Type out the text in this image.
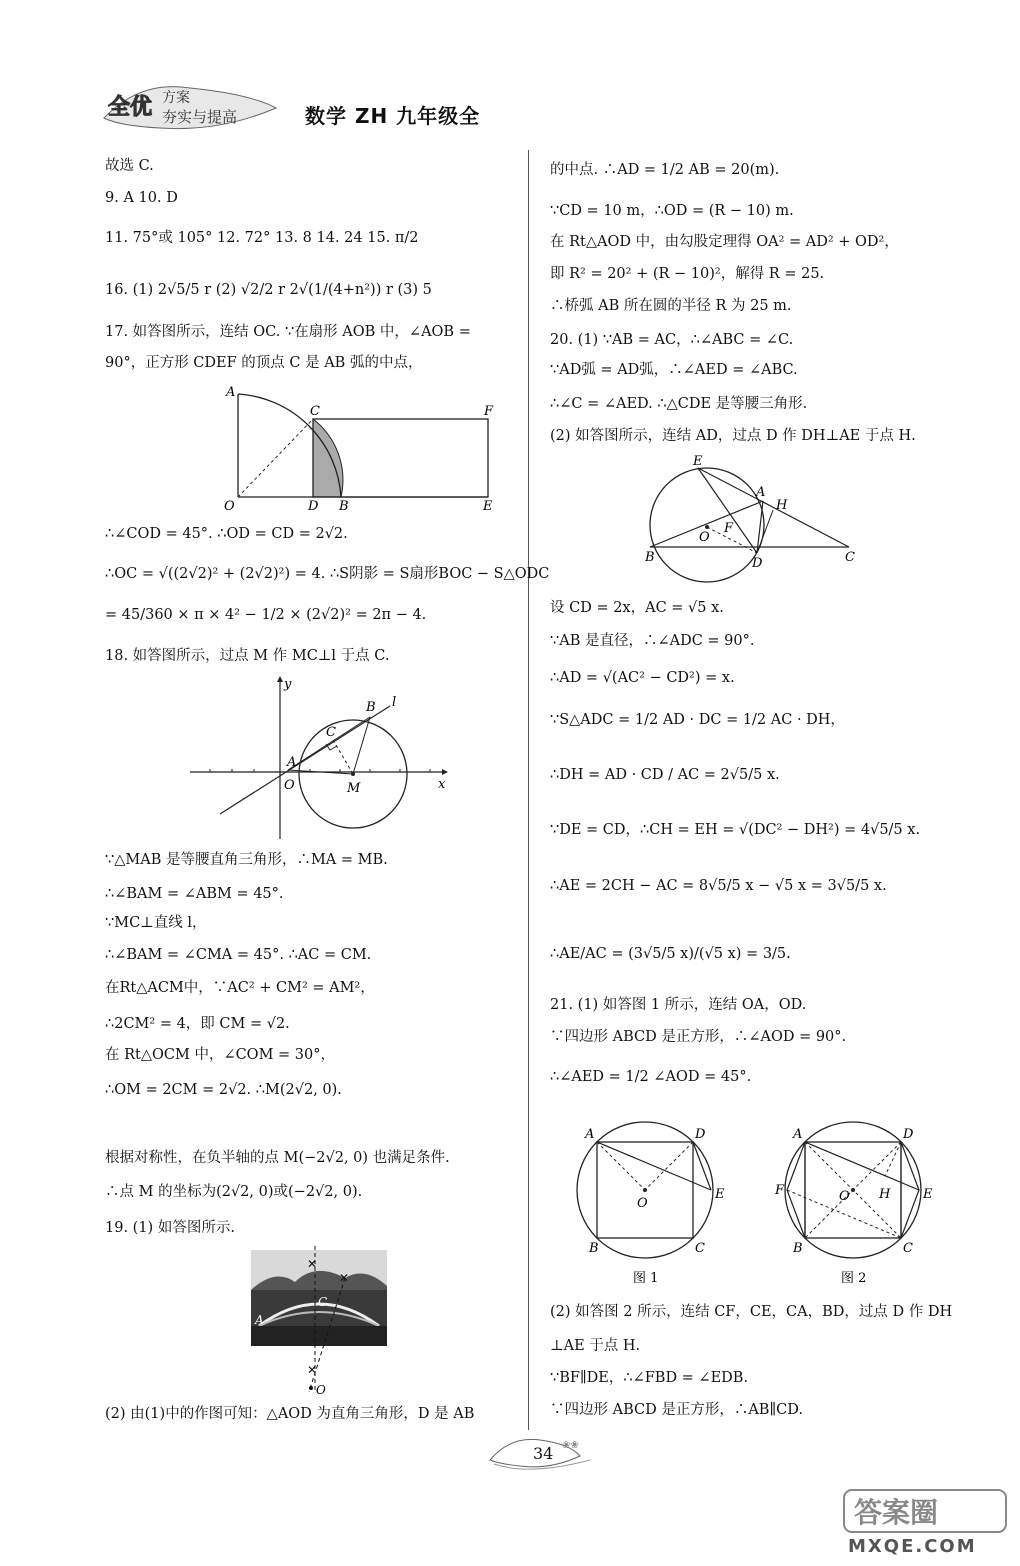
全优 方案
夯实与提高	数学 ZH 九年级全
故选 C.
9. A 10. D
11. 75°或 105° 12. 72° 13. 8 14. 24 15. π/2
16. (1) 2√5/5 r (2) √2/2 r 2√(1/(4+n²)) r (3) 5
17. 如答图所示，连结 OC. ∵在扇形 AOB 中，∠AOB =
90°，正方形 CDEF 的顶点 C 是 AB 弧的中点，
A
C	F
O	D B	E
∴∠COD = 45°. ∴OD = CD = 2√2.
∴OC = √((2√2)² + (2√2)²) = 4. ∴S阴影 = S扇形BOC − S△ODC
= 45/360 × π × 4² − 1/2 × (2√2)² = 2π − 4.
18. 如答图所示，过点 M 作 MC⊥l 于点 C.
y
x
B l
C
A
O	M
∵△MAB 是等腰直角三角形，∴MA = MB.
∴∠BAM = ∠ABM = 45°.
∵MC⊥直线 l，
∴∠BAM = ∠CMA = 45°. ∴AC = CM.
在Rt△ACM中，∵AC² + CM² = AM²，
∴2CM² = 4，即 CM = √2.
在 Rt△OCM 中，∠COM = 30°，
∴OM = 2CM = 2√2. ∴M(2√2, 0).
根据对称性，在负半轴的点 M(−2√2, 0) 也满足条件.
∴点 M 的坐标为(2√2, 0)或(−2√2, 0).
19. (1) 如答图所示.
✕
✕
✕
A
C
O
(2) 由(1)中的作图可知：△AOD 为直角三角形，D 是 AB
的中点. ∴AD = 1/2 AB = 20(m).
∵CD = 10 m，∴OD = (R − 10) m.
在 Rt△AOD 中，由勾股定理得 OA² = AD² + OD²，
即 R² = 20² + (R − 10)²，解得 R = 25.
∴桥弧 AB 所在圆的半径 R 为 25 m.
20. (1) ∵AB = AC，∴∠ABC = ∠C.
∵AD弧 = AD弧，∴∠AED = ∠ABC.
∴∠C = ∠AED. ∴△CDE 是等腰三角形.
(2) 如答图所示，连结 AD，过点 D 作 DH⊥AE 于点 H.
E
A
H
F
O
B	D	C
设 CD = 2x，AC = √5 x.
∵AB 是直径，∴∠ADC = 90°.
∴AD = √(AC² − CD²) = x.
∵S△ADC = 1/2 AD · DC = 1/2 AC · DH，
∴DH = AD · CD / AC = 2√5/5 x.
∵DE = CD，∴CH = EH = √(DC² − DH²) = 4√5/5 x.
∴AE = 2CH − AC = 8√5/5 x − √5 x = 3√5/5 x.
∴AE/AC = (3√5/5 x)/(√5 x) = 3/5.
21. (1) 如答图 1 所示，连结 OA，OD.
∵四边形 ABCD 是正方形，∴∠AOD = 90°.
∴∠AED = 1/2 ∠AOD = 45°.
A	D
O
E
B	C
图 1
A	D
F	O H	E
B	C
图 2
(2) 如答图 2 所示，连结 CF，CE，CA，BD，过点 D 作 DH
⊥AE 于点 H.
∵BF∥DE，∴∠FBD = ∠EDB.
∵四边形 ABCD 是正方形，∴AB∥CD.
❀❀
34
答案圈
MXQE.COM
